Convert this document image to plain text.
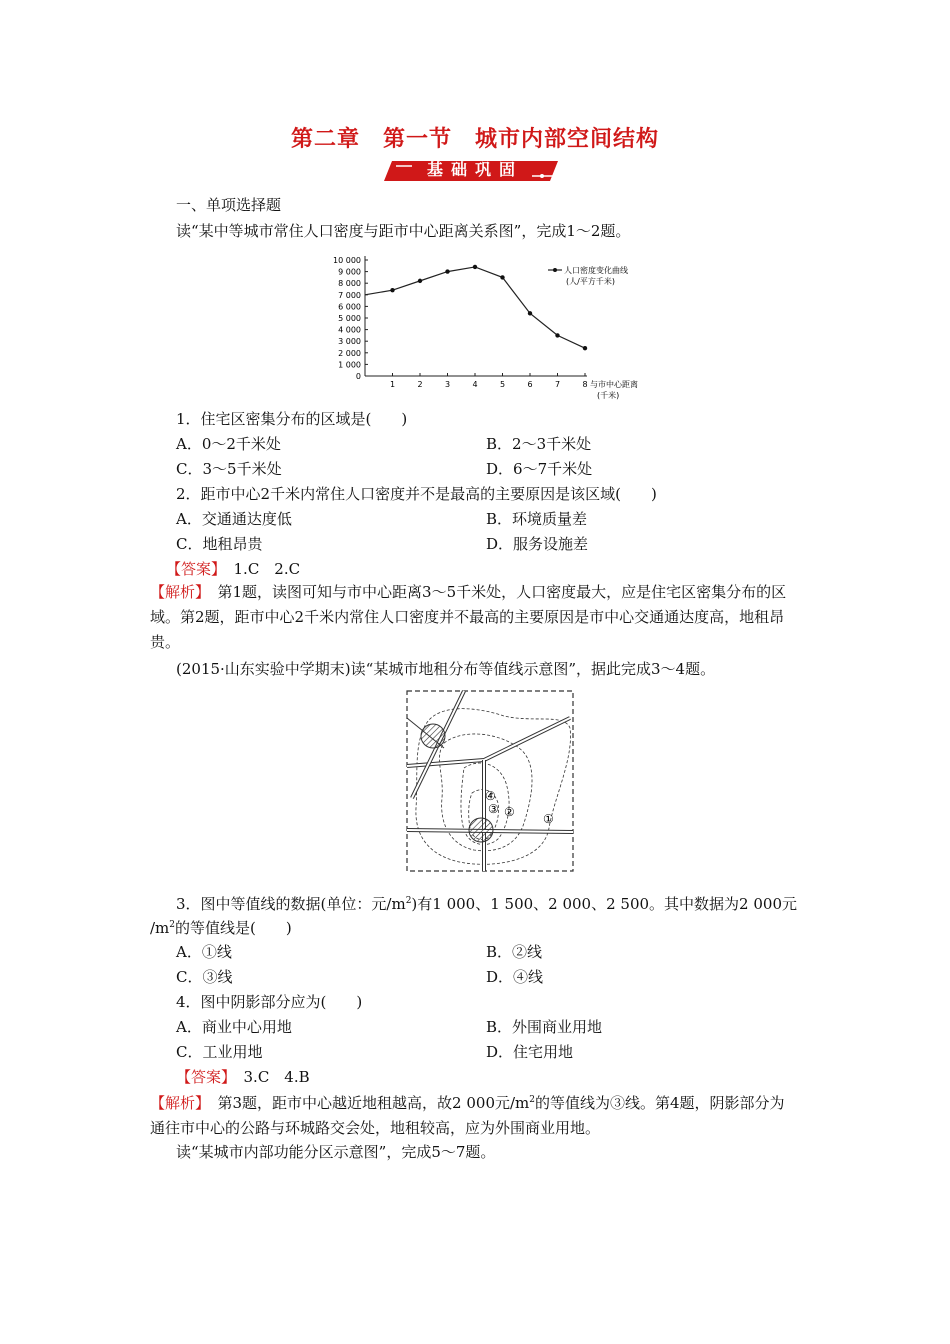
第二章　第一节　城市内部空间结构
基础巩固
一、单项选择题
读“某中等城市常住人口密度与距市中心距离关系图”，完成1～2题。
10 000
9 000
8 000
7 000
6 000
5 000
4 000
3 000
2 000
1 000
0
1	2	3	4	5	6	7	8 与市中心距离
(千米)
人口密度变化曲线
(人/平方千米)
1．住宅区密集分布的区域是(　　)
A．0～2千米处	B．2～3千米处
C．3～5千米处	D．6～7千米处
2．距市中心2千米内常住人口密度并不是最高的主要原因是该区域(　　)
A．交通通达度低	B．环境质量差
C．地租昂贵	D．服务设施差
【答案】　1.C　2.C
【解析】　第1题，读图可知与市中心距离3～5千米处，人口密度最大，应是住宅区密集分布的区域。第2题，距市中心2千米内常住人口密度并不最高的主要原因是市中心交通通达度高，地租昂贵。
(2015·山东实验中学期末)读“某城市地租分布等值线示意图”，据此完成3～4题。
④
③ ② ①
3．图中等值线的数据(单位：元$/m^2$)有1 000、1 500、2 000、2 500。其中数据为2 000元
$/m^2$的等值线是(　　)
A．①线	B．②线
C．③线	D．④线
4．图中阴影部分应为(　　)
A．商业中心用地	B．外围商业用地
C．工业用地	D．住宅用地
【答案】　3.C　4.B
【解析】　第3题，距市中心越近地租越高，故2 000元$/m^2$的等值线为③线。第4题，阴影部分为通往市中心的公路与环城路交会处，地租较高，应为外围商业用地。
读“某城市内部功能分区示意图”，完成5～7题。
